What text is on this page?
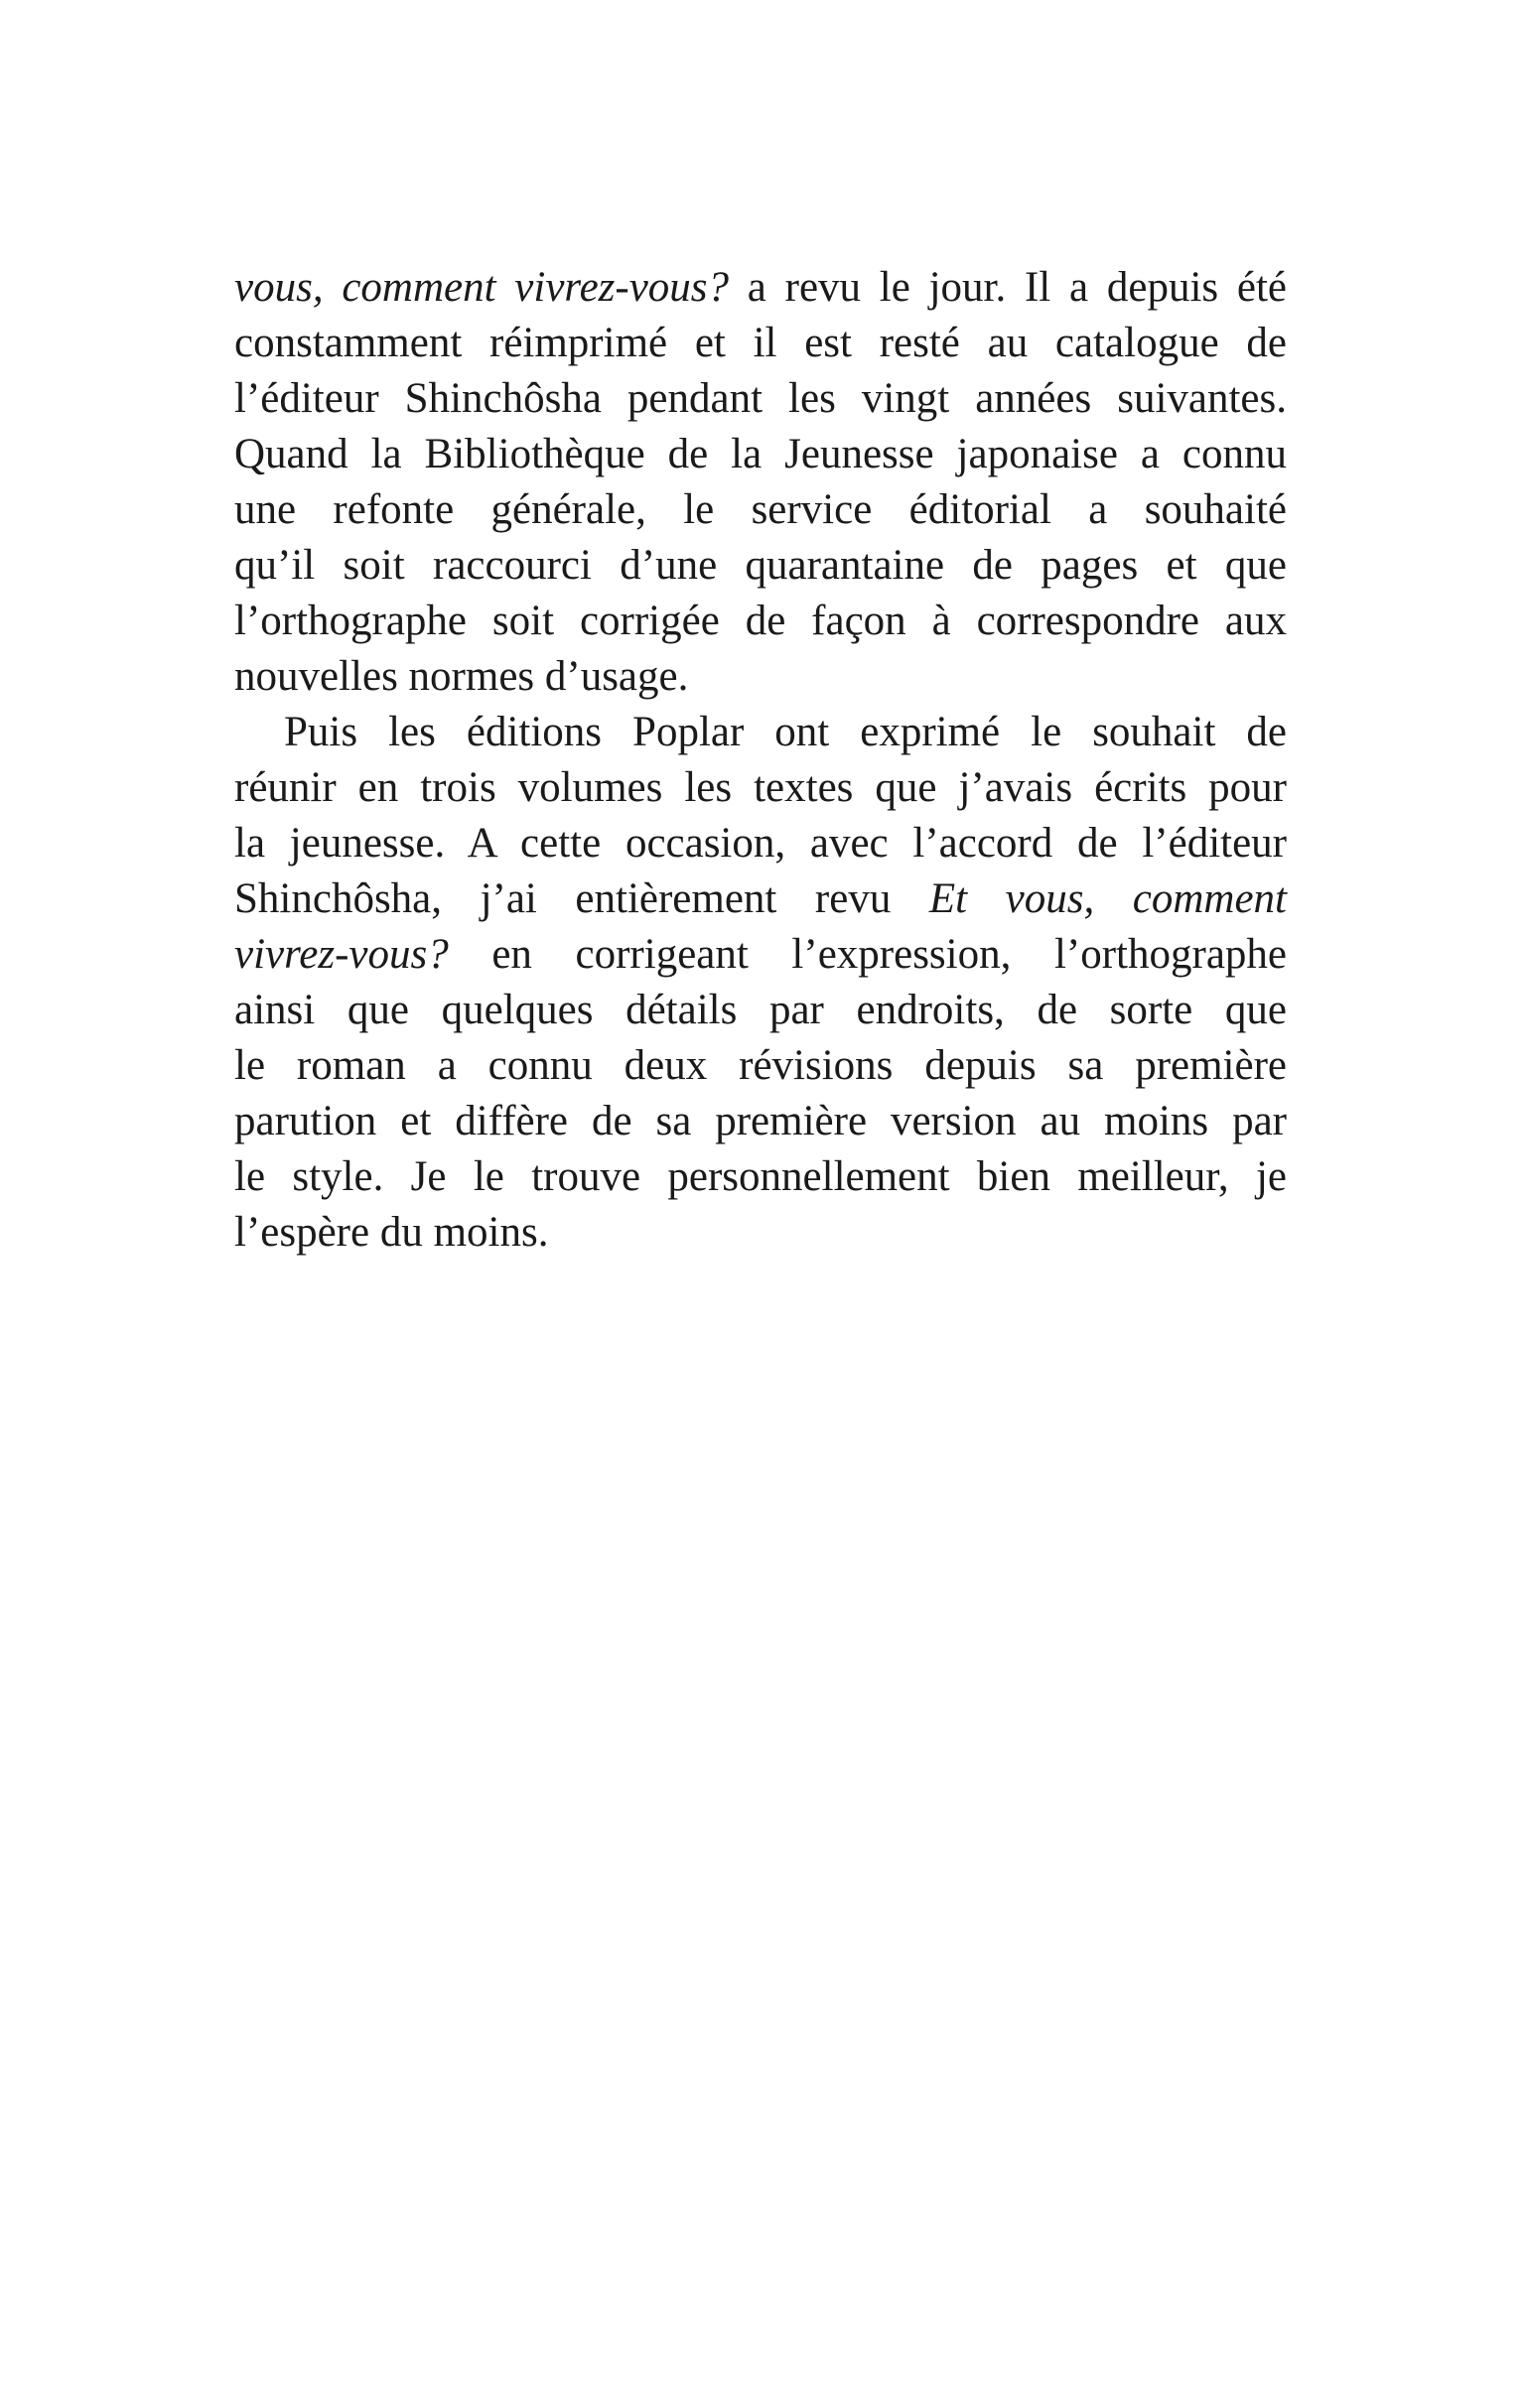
vous, comment vivrez-vous? a revu le jour. Il a depuis été
constamment réimprimé et il est resté au catalogue de
l’éditeur Shinchôsha pendant les vingt années suivantes.
Quand la Bibliothèque de la Jeunesse japonaise a connu
une refonte générale, le service éditorial a souhaité
qu’il soit raccourci d’une quarantaine de pages et que
l’orthographe soit corrigée de façon à correspondre aux
nouvelles normes d’usage.
Puis les éditions Poplar ont exprimé le souhait de
réunir en trois volumes les textes que j’avais écrits pour
la jeunesse. A cette occasion, avec l’accord de l’éditeur
Shinchôsha, j’ai entièrement revu Et vous, comment
vivrez-vous? en corrigeant l’expression, l’orthographe
ainsi que quelques détails par endroits, de sorte que
le roman a connu deux révisions depuis sa première
parution et diffère de sa première version au moins par
le style. Je le trouve personnellement bien meilleur, je
l’espère du moins.
